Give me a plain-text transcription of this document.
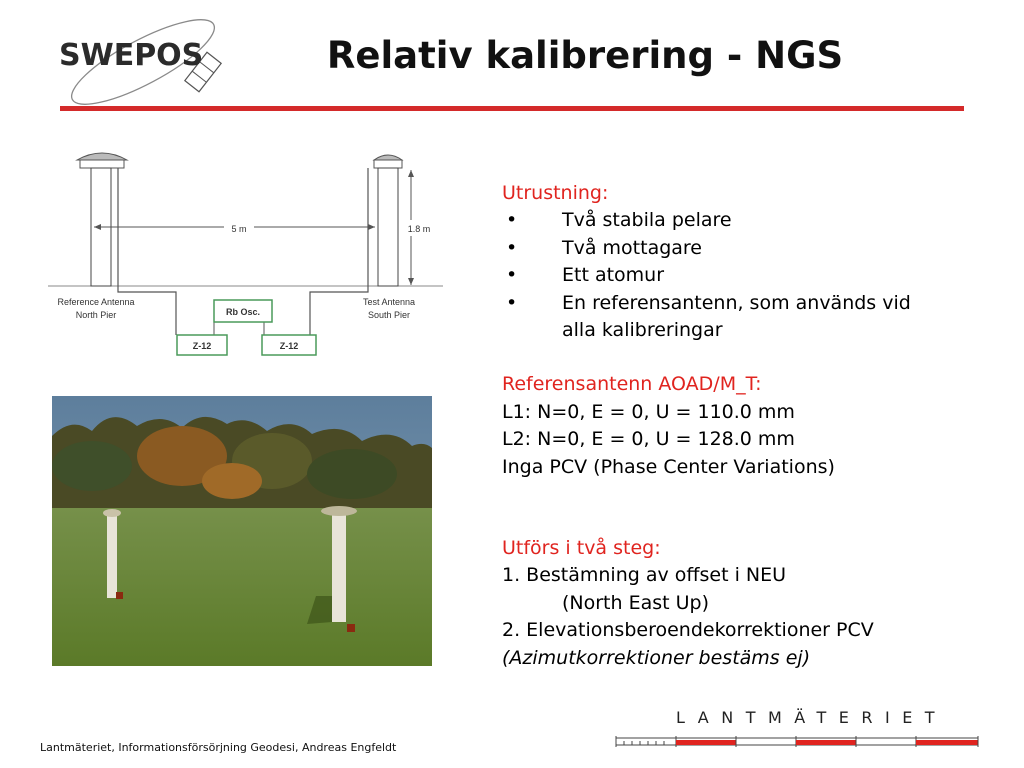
SWEPOS	Relativ kalibrering - NGS
5 m	1.8 m
Reference Antenna
North Pier
Test Antenna
South Pier
Rb Osc.
Z-12	Z-12
Utrustning:
•	Två stabila pelare
•	Två mottagare
•	Ett atomur
•	En referensantenn, som används vid
alla kalibreringar
Referensantenn AOAD/M_T:
L1: N=0, E = 0, U = 110.0 mm
L2: N=0, E = 0, U = 128.0 mm
Inga PCV (Phase Center Variations)
Utförs i två steg:
1. Bestämning av offset i NEU
(North East Up)
2. Elevationsberoendekorrektioner PCV
(Azimutkorrektioner bestäms ej)
Lantmäteriet, Informationsförsörjning Geodesi, Andreas Engfeldt
LANTMÄTERIET
